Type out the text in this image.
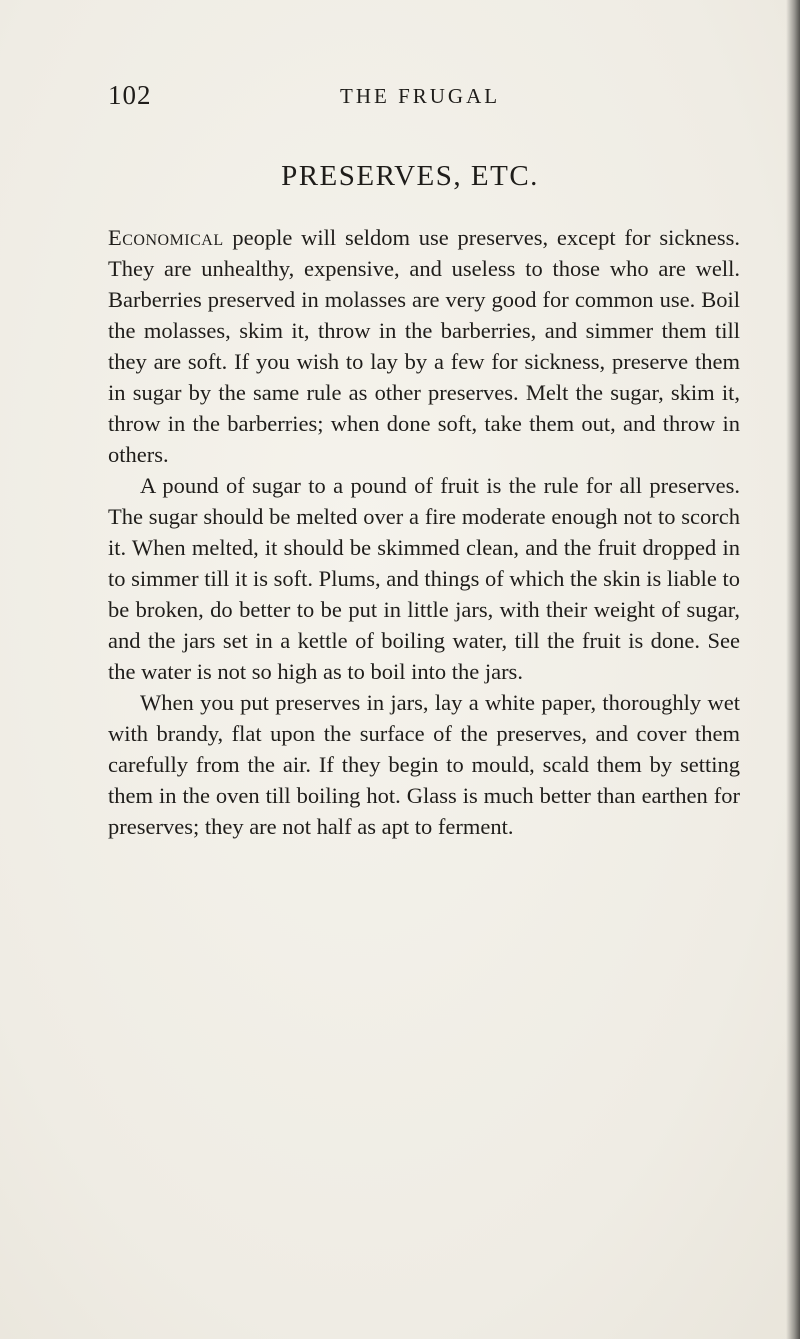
102	THE FRUGAL
PRESERVES, ETC.

Economical people will seldom use preserves, except for sickness. They are unhealthy, expensive, and useless to those who are well. Barberries preserved in molasses are very good for common use. Boil the molasses, skim it, throw in the barberries, and simmer them till they are soft. If you wish to lay by a few for sickness, preserve them in sugar by the same rule as other preserves. Melt the sugar, skim it, throw in the barberries; when done soft, take them out, and throw in others.

A pound of sugar to a pound of fruit is the rule for all preserves. The sugar should be melted over a fire moderate enough not to scorch it. When melted, it should be skimmed clean, and the fruit dropped in to simmer till it is soft. Plums, and things of which the skin is liable to be broken, do better to be put in little jars, with their weight of sugar, and the jars set in a kettle of boiling water, till the fruit is done. See the water is not so high as to boil into the jars.

When you put preserves in jars, lay a white paper, thoroughly wet with brandy, flat upon the surface of the preserves, and cover them carefully from the air. If they begin to mould, scald them by setting them in the oven till boiling hot. Glass is much better than earthen for preserves; they are not half as apt to ferment.
